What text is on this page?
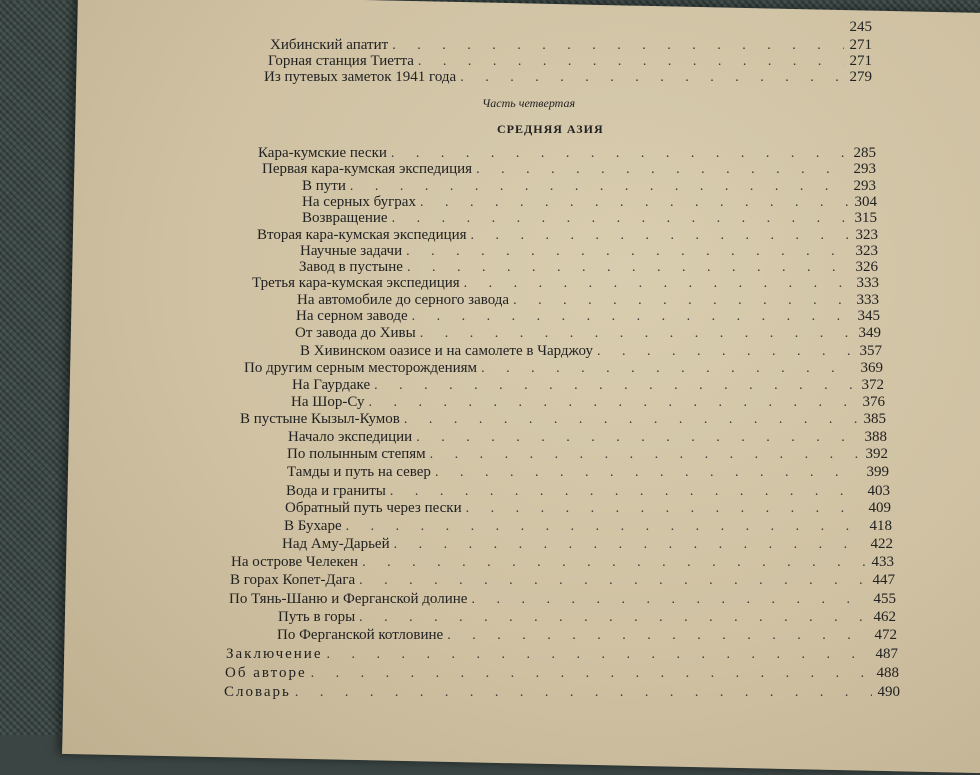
245
Хибинский апатит . . .	271
Горная станция Тиетта . . .	271
Из путевых заметок 1941 года . . .	279
Часть четвертая
СРЕДНЯЯ АЗИЯ
Кара-кумские пески . . .	285
Первая кара-кумская экспедиция . . .	293
В пути . . .	293
На серных буграх . . .	304
Возвращение . . .	315
Вторая кара-кумская экспедиция . . .	323
Научные задачи . . .	323
Завод в пустыне . . .	326
Третья кара-кумская экспедиция . . .	333
На автомобиле до серного завода . . .	333
На серном заводе . . .	345
От завода до Хивы . . .	349
В Хивинском оазисе и на самолете в Чарджоу . . .	357
По другим серным месторождениям . . .	369
На Гаурдаке . . .	372
На Шор-Су . . .	376
В пустыне Кызыл-Кумов . . .	385
Начало экспедиции . . .	388
По полынным степям . . .	392
Тамды и путь на север . . .	399
Вода и граниты . . .	403
Обратный путь через пески . . .	409
В Бухаре . . .	418
Над Аму-Дарьей . . .	422
На острове Челекен . . .	433
В горах Копет-Дага . . .	447
По Тянь-Шаню и Ферганской долине . . .	455
Путь в горы . . .	462
По Ферганской котловине . . .	472
Заключение . . .	487
Об авторе . . .	488
Словарь . . .	490
